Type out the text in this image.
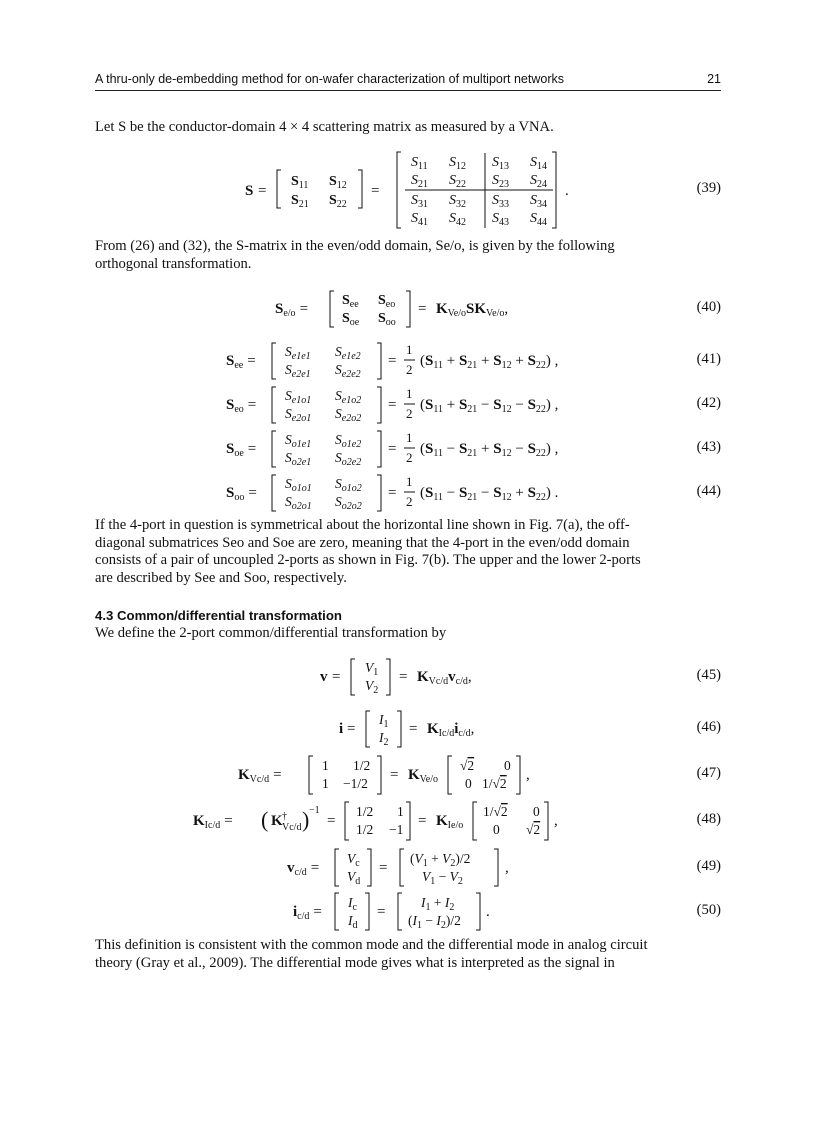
A thru-only de-embedding method for on-wafer characterization of multiport networks	21
Let S be the conductor-domain 4 × 4 scattering matrix as measured by a VNA.
S =
$S_{11}$ $S_{12}$
$S_{21}$ $S_{22}$
=
$S_{11}$ $S_{12}$ $S_{13}$ $S_{14}$
$S_{21}$ $S_{22}$ $S_{23}$ $S_{24}$
$S_{31}$ $S_{32}$ $S_{33}$ $S_{34}$
$S_{41}$ $S_{42}$ $S_{43}$ $S_{44}$
.	(39)
From (26) and (32), the S-matrix in the even/odd domain, Se/o, is given by the following
orthogonal transformation.
$S_{e/o}$ =
$S_{ee}$ $S_{eo}$
$S_{oe}$ $S_{oo}$
= $K_{Ve/o}SK_{Ve/o}$,	(40)
$S_{ee}$ =
$S_{e1e1}$ $S_{e1e2}$
$S_{e2e1}$ $S_{e2e2}$
=
1
2
$(S_{11} + S_{21} + S_{12} + S_{22})$ ,	(41)
$S_{eo}$ =
$S_{e1o1}$ $S_{e1o2}$
$S_{e2o1}$ $S_{e2o2}$
=
1
2
$(S_{11} + S_{21} - S_{12} - S_{22})$ ,	(42)
$S_{oe}$ =
$S_{o1e1}$ $S_{o1e2}$
$S_{o2e1}$ $S_{o2e2}$
=
1
2
$(S_{11} - S_{21} + S_{12} - S_{22})$ ,	(43)
$S_{oo}$ =
$S_{o1o1}$ $S_{o1o2}$
$S_{o2o1}$ $S_{o2o2}$
=
1
2
$(S_{11} - S_{21} - S_{12} + S_{22})$ .	(44)
If the 4-port in question is symmetrical about the horizontal line shown in Fig. 7(a), the off-
diagonal submatrices Seo and Soe are zero, meaning that the 4-port in the even/odd domain
consists of a pair of uncoupled 2-ports as shown in Fig. 7(b). The upper and the lower 2-ports
are described by See and Soo, respectively.
4.3 Common/differential transformation
We define the 2-port common/differential transformation by
v =
$V_1$
$V_2$
= $K_{Vc/d}v_{c/d}$,	(45)
i =
$I_1$
$I_2$
= $K_{Ic/d}i_{c/d}$,	(46)
$K_{Vc/d}$ =
1 1/2
1 −1/2
= $K_{Ve/o}$
√2 0
0 1/√2
,	(47)
$K_{Ic/d}$ = ( K †
Vc/d ) −1
=
1/2 1
1/2 −1
= $K_{Ie/o}$
1/√2 0
0 √2
,	(48)
$v_{c/d}$ =
$V_c$
$V_d$
=
$(V_1 + V_2)/2$
$V_1 - V_2$
,	(49)
$i_{c/d}$ =
$I_c$
$I_d$
=
$I_1 + I_2$
$(I_1 - I_2)/2$
.	(50)
This definition is consistent with the common mode and the differential mode in analog circuit
theory (Gray et al., 2009). The differential mode gives what is interpreted as the signal in
